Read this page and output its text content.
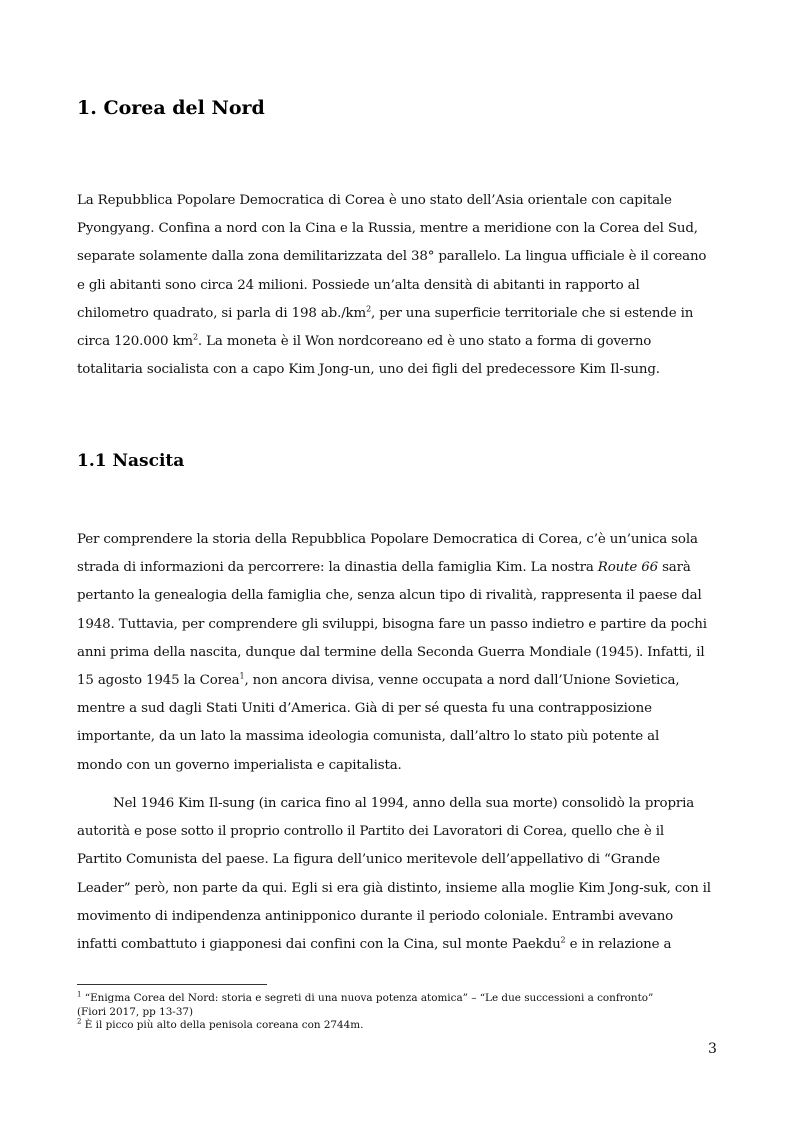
1. Corea del Nord

La Repubblica Popolare Democratica di Corea è uno stato dell’Asia orientale con capitale
Pyongyang. Confina a nord con la Cina e la Russia, mentre a meridione con la Corea del Sud,
separate solamente dalla zona demilitarizzata del 38° parallelo. La lingua ufficiale è il coreano
e gli abitanti sono circa 24 milioni. Possiede un’alta densità di abitanti in rapporto al
chilometro quadrato, si parla di 198 $ab./km^2$, per una superficie territoriale che si estende in
circa 120.000 $km^2$. La moneta è il Won nordcoreano ed è uno stato a forma di governo
totalitaria socialista con a capo Kim Jong-un, uno dei figli del predecessore Kim Il-sung.

1.1 Nascita

Per comprendere la storia della Repubblica Popolare Democratica di Corea, c’è un’unica sola
strada di informazioni da percorrere: la dinastia della famiglia Kim. La nostra Route 66 sarà
pertanto la genealogia della famiglia che, senza alcun tipo di rivalità, rappresenta il paese dal
1948. Tuttavia, per comprendere gli sviluppi, bisogna fare un passo indietro e partire da pochi
anni prima della nascita, dunque dal termine della Seconda Guerra Mondiale (1945). Infatti, il
15 agosto 1945 la Corea$^1$, non ancora divisa, venne occupata a nord dall’Unione Sovietica,
mentre a sud dagli Stati Uniti d’America. Già di per sé questa fu una contrapposizione
importante, da un lato la massima ideologia comunista, dall’altro lo stato più potente al
mondo con un governo imperialista e capitalista.

Nel 1946 Kim Il-sung (in carica fino al 1994, anno della sua morte) consolidò la propria
autorità e pose sotto il proprio controllo il Partito dei Lavoratori di Corea, quello che è il
Partito Comunista del paese. La figura dell’unico meritevole dell’appellativo di “Grande
Leader” però, non parte da qui. Egli si era già distinto, insieme alla moglie Kim Jong-suk, con il
movimento di indipendenza antinipponico durante il periodo coloniale. Entrambi avevano
infatti combattuto i giapponesi dai confini con la Cina, sul monte Paekdu$^2$ e in relazione a

$^1$ “Enigma Corea del Nord: storia e segreti di una nuova potenza atomica” – “Le due successioni a confronto”
(Fiori 2017, pp 13-37)
$^2$ È il picco più alto della penisola coreana con 2744m.
3
